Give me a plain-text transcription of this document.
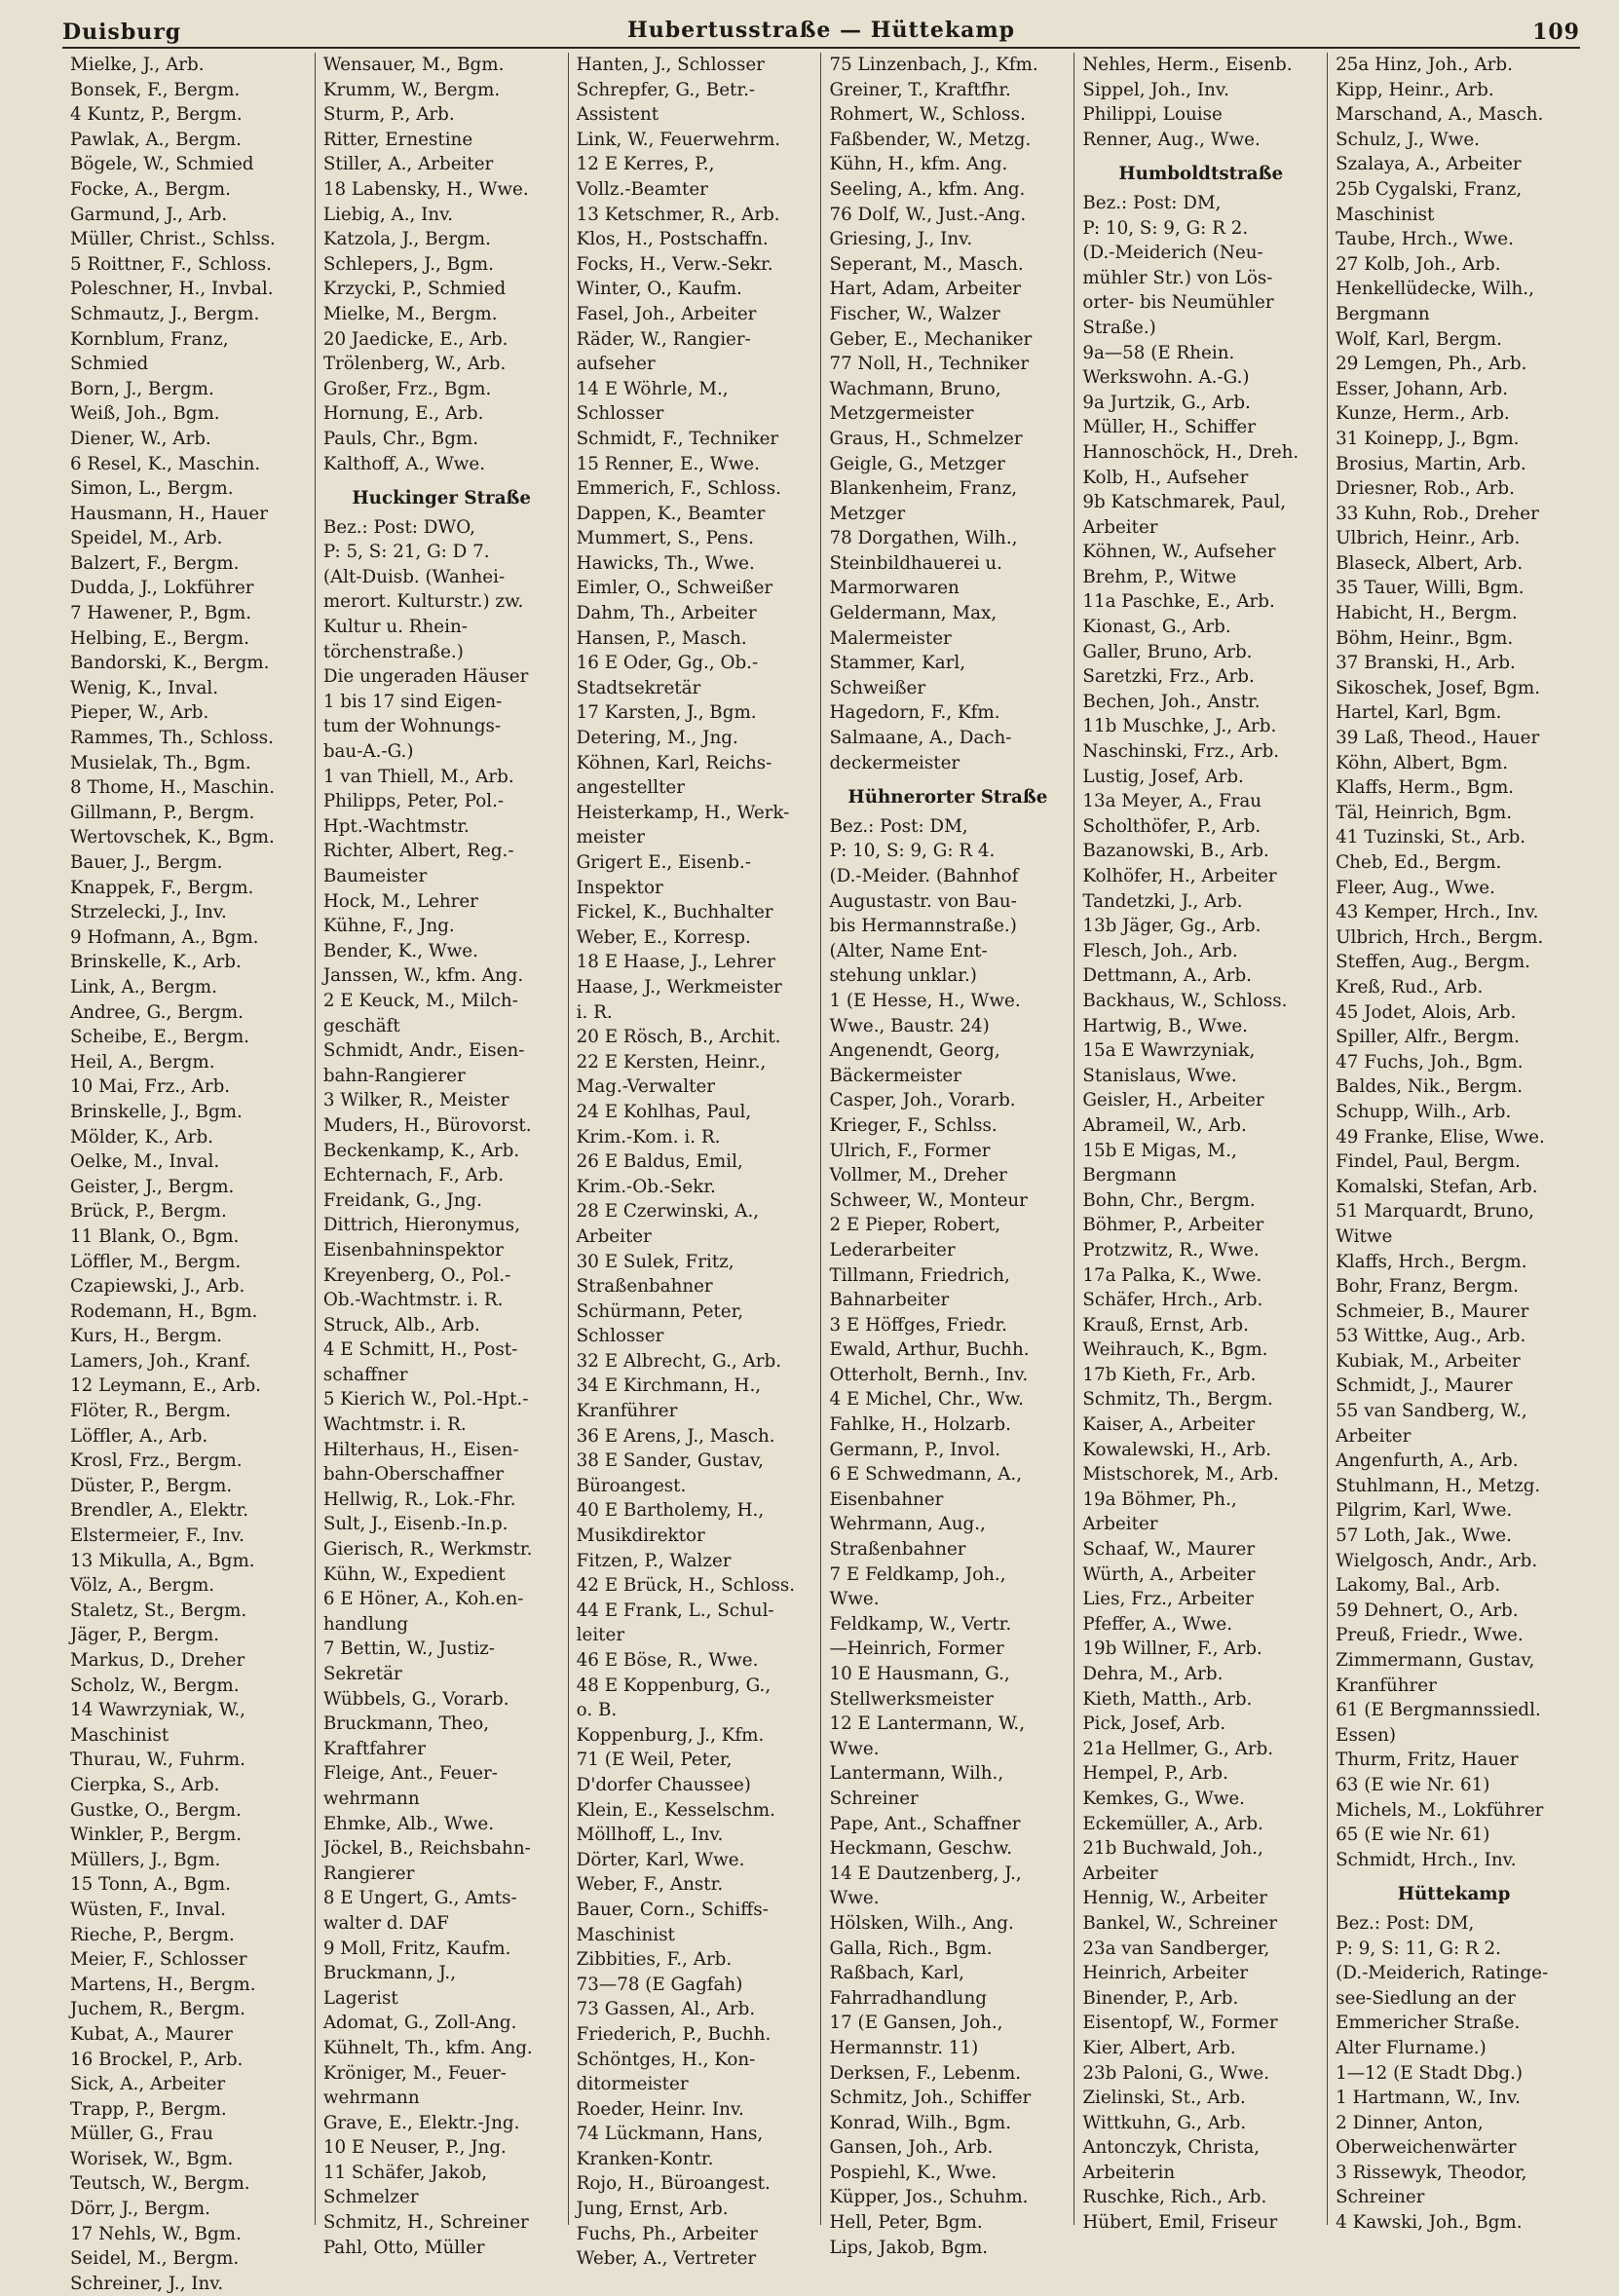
Duisburg	Hubertusstraße — Hüttekamp	109
Mielke, J., Arb.
Bonsek, F., Bergm.
4 Kuntz, P., Bergm.
Pawlak, A., Bergm.
Bögele, W., Schmied
Focke, A., Bergm.
Garmund, J., Arb.
Müller, Christ., Schlss.
5 Roittner, F., Schloss.
Poleschner, H., Invbal.
Schmautz, J., Bergm.
Kornblum, Franz,
Schmied
Born, J., Bergm.
Weiß, Joh., Bgm.
Diener, W., Arb.
6 Resel, K., Maschin.
Simon, L., Bergm.
Hausmann, H., Hauer
Speidel, M., Arb.
Balzert, F., Bergm.
Dudda, J., Lokführer
7 Hawener, P., Bgm.
Helbing, E., Bergm.
Bandorski, K., Bergm.
Wenig, K., Inval.
Pieper, W., Arb.
Rammes, Th., Schloss.
Musielak, Th., Bgm.
8 Thome, H., Maschin.
Gillmann, P., Bergm.
Wertovschek, K., Bgm.
Bauer, J., Bergm.
Knappek, F., Bergm.
Strzelecki, J., Inv.
9 Hofmann, A., Bgm.
Brinskelle, K., Arb.
Link, A., Bergm.
Andree, G., Bergm.
Scheibe, E., Bergm.
Heil, A., Bergm.
10 Mai, Frz., Arb.
Brinskelle, J., Bgm.
Mölder, K., Arb.
Oelke, M., Inval.
Geister, J., Bergm.
Brück, P., Bergm.
11 Blank, O., Bgm.
Löffler, M., Bergm.
Czapiewski, J., Arb.
Rodemann, H., Bgm.
Kurs, H., Bergm.
Lamers, Joh., Kranf.
12 Leymann, E., Arb.
Flöter, R., Bergm.
Löffler, A., Arb.
Krosl, Frz., Bergm.
Düster, P., Bergm.
Brendler, A., Elektr.
Elstermeier, F., Inv.
13 Mikulla, A., Bgm.
Völz, A., Bergm.
Staletz, St., Bergm.
Jäger, P., Bergm.
Markus, D., Dreher
Scholz, W., Bergm.
14 Wawrzyniak, W.,
Maschinist
Thurau, W., Fuhrm.
Cierpka, S., Arb.
Gustke, O., Bergm.
Winkler, P., Bergm.
Müllers, J., Bgm.
15 Tonn, A., Bgm.
Wüsten, F., Inval.
Rieche, P., Bergm.
Meier, F., Schlosser
Martens, H., Bergm.
Juchem, R., Bergm.
Kubat, A., Maurer
16 Brockel, P., Arb.
Sick, A., Arbeiter
Trapp, P., Bergm.
Müller, G., Frau
Worisek, W., Bgm.
Teutsch, W., Bergm.
Dörr, J., Bergm.
17 Nehls, W., Bgm.
Seidel, M., Bergm.
Schreiner, J., Inv.
Wensauer, M., Bgm.
Krumm, W., Bergm.
Sturm, P., Arb.
Ritter, Ernestine
Stiller, A., Arbeiter
18 Labensky, H., Wwe.
Liebig, A., Inv.
Katzola, J., Bergm.
Schlepers, J., Bgm.
Krzycki, P., Schmied
Mielke, M., Bergm.
20 Jaedicke, E., Arb.
Trölenberg, W., Arb.
Großer, Frz., Bgm.
Hornung, E., Arb.
Pauls, Chr., Bgm.
Kalthoff, A., Wwe.
Huckinger Straße
Bez.: Post: DWO,
P: 5, S: 21, G: D 7.
(Alt-Duisb. (Wanhei-
merort. Kulturstr.) zw.
Kultur u. Rhein-
törchenstraße.)
Die ungeraden Häuser
1 bis 17 sind Eigen-
tum der Wohnungs-
bau-A.-G.)
1 van Thiell, M., Arb.
Philipps, Peter, Pol.-
Hpt.-Wachtmstr.
Richter, Albert, Reg.-
Baumeister
Hock, M., Lehrer
Kühne, F., Jng.
Bender, K., Wwe.
Janssen, W., kfm. Ang.
2 E Keuck, M., Milch-
geschäft
Schmidt, Andr., Eisen-
bahn-Rangierer
3 Wilker, R., Meister
Muders, H., Bürovorst.
Beckenkamp, K., Arb.
Echternach, F., Arb.
Freidank, G., Jng.
Dittrich, Hieronymus,
Eisenbahninspektor
Kreyenberg, O., Pol.-
Ob.-Wachtmstr. i. R.
Struck, Alb., Arb.
4 E Schmitt, H., Post-
schaffner
5 Kierich W., Pol.-Hpt.-
Wachtmstr. i. R.
Hilterhaus, H., Eisen-
bahn-Oberschaffner
Hellwig, R., Lok.-Fhr.
Sult, J., Eisenb.-In.p.
Gierisch, R., Werkmstr.
Kühn, W., Expedient
6 E Höner, A., Koh.en-
handlung
7 Bettin, W., Justiz-
Sekretär
Wübbels, G., Vorarb.
Bruckmann, Theo,
Kraftfahrer
Fleige, Ant., Feuer-
wehrmann
Ehmke, Alb., Wwe.
Jöckel, B., Reichsbahn-
Rangierer
8 E Ungert, G., Amts-
walter d. DAF
9 Moll, Fritz, Kaufm.
Bruckmann, J.,
Lagerist
Adomat, G., Zoll-Ang.
Kühnelt, Th., kfm. Ang.
Kröniger, M., Feuer-
wehrmann
Grave, E., Elektr.-Jng.
10 E Neuser, P., Jng.
11 Schäfer, Jakob,
Schmelzer
Schmitz, H., Schreiner
Pahl, Otto, Müller
Hanten, J., Schlosser
Schrepfer, G., Betr.-
Assistent
Link, W., Feuerwehrm.
12 E Kerres, P.,
Vollz.-Beamter
13 Ketschmer, R., Arb.
Klos, H., Postschaffn.
Focks, H., Verw.-Sekr.
Winter, O., Kaufm.
Fasel, Joh., Arbeiter
Räder, W., Rangier-
aufseher
14 E Wöhrle, M.,
Schlosser
Schmidt, F., Techniker
15 Renner, E., Wwe.
Emmerich, F., Schloss.
Dappen, K., Beamter
Mummert, S., Pens.
Hawicks, Th., Wwe.
Eimler, O., Schweißer
Dahm, Th., Arbeiter
Hansen, P., Masch.
16 E Oder, Gg., Ob.-
Stadtsekretär
17 Karsten, J., Bgm.
Detering, M., Jng.
Köhnen, Karl, Reichs-
angestellter
Heisterkamp, H., Werk-
meister
Grigert E., Eisenb.-
Inspektor
Fickel, K., Buchhalter
Weber, E., Korresp.
18 E Haase, J., Lehrer
Haase, J., Werkmeister
i. R.
20 E Rösch, B., Archit.
22 E Kersten, Heinr.,
Mag.-Verwalter
24 E Kohlhas, Paul,
Krim.-Kom. i. R.
26 E Baldus, Emil,
Krim.-Ob.-Sekr.
28 E Czerwinski, A.,
Arbeiter
30 E Sulek, Fritz,
Straßenbahner
Schürmann, Peter,
Schlosser
32 E Albrecht, G., Arb.
34 E Kirchmann, H.,
Kranführer
36 E Arens, J., Masch.
38 E Sander, Gustav,
Büroangest.
40 E Bartholemy, H.,
Musikdirektor
Fitzen, P., Walzer
42 E Brück, H., Schloss.
44 E Frank, L., Schul-
leiter
46 E Böse, R., Wwe.
48 E Koppenburg, G.,
o. B.
Koppenburg, J., Kfm.
71 (E Weil, Peter,
D'dorfer Chaussee)
Klein, E., Kesselschm.
Möllhoff, L., Inv.
Dörter, Karl, Wwe.
Weber, F., Anstr.
Bauer, Corn., Schiffs-
Maschinist
Zibbities, F., Arb.
73—78 (E Gagfah)
73 Gassen, Al., Arb.
Friederich, P., Buchh.
Schöntges, H., Kon-
ditormeister
Roeder, Heinr. Inv.
74 Lückmann, Hans,
Kranken-Kontr.
Rojo, H., Büroangest.
Jung, Ernst, Arb.
Fuchs, Ph., Arbeiter
Weber, A., Vertreter
75 Linzenbach, J., Kfm.
Greiner, T., Kraftfhr.
Rohmert, W., Schloss.
Faßbender, W., Metzg.
Kühn, H., kfm. Ang.
Seeling, A., kfm. Ang.
76 Dolf, W., Just.-Ang.
Griesing, J., Inv.
Seperant, M., Masch.
Hart, Adam, Arbeiter
Fischer, W., Walzer
Geber, E., Mechaniker
77 Noll, H., Techniker
Wachmann, Bruno,
Metzgermeister
Graus, H., Schmelzer
Geigle, G., Metzger
Blankenheim, Franz,
Metzger
78 Dorgathen, Wilh.,
Steinbildhauerei u.
Marmorwaren
Geldermann, Max,
Malermeister
Stammer, Karl,
Schweißer
Hagedorn, F., Kfm.
Salmaane, A., Dach-
deckermeister
Hühnerorter Straße
Bez.: Post: DM,
P: 10, S: 9, G: R 4.
(D.-Meider. (Bahnhof
Augustastr. von Bau-
bis Hermannstraße.)
(Alter, Name Ent-
stehung unklar.)
1 (E Hesse, H., Wwe.
Wwe., Baustr. 24)
Angenendt, Georg,
Bäckermeister
Casper, Joh., Vorarb.
Krieger, F., Schlss.
Ulrich, F., Former
Vollmer, M., Dreher
Schweer, W., Monteur
2 E Pieper, Robert,
Lederarbeiter
Tillmann, Friedrich,
Bahnarbeiter
3 E Höffges, Friedr.
Ewald, Arthur, Buchh.
Otterholt, Bernh., Inv.
4 E Michel, Chr., Ww.
Fahlke, H., Holzarb.
Germann, P., Invol.
6 E Schwedmann, A.,
Eisenbahner
Wehrmann, Aug.,
Straßenbahner
7 E Feldkamp, Joh.,
Wwe.
Feldkamp, W., Vertr.
—Heinrich, Former
10 E Hausmann, G.,
Stellwerksmeister
12 E Lantermann, W.,
Wwe.
Lantermann, Wilh.,
Schreiner
Pape, Ant., Schaffner
Heckmann, Geschw.
14 E Dautzenberg, J.,
Wwe.
Hölsken, Wilh., Ang.
Galla, Rich., Bgm.
Raßbach, Karl,
Fahrradhandlung
17 (E Gansen, Joh.,
Hermannstr. 11)
Derksen, F., Lebenm.
Schmitz, Joh., Schiffer
Konrad, Wilh., Bgm.
Gansen, Joh., Arb.
Pospiehl, K., Wwe.
Küpper, Jos., Schuhm.
Hell, Peter, Bgm.
Lips, Jakob, Bgm.
Nehles, Herm., Eisenb.
Sippel, Joh., Inv.
Philippi, Louise
Renner, Aug., Wwe.
Humboldtstraße
Bez.: Post: DM,
P: 10, S: 9, G: R 2.
(D.-Meiderich (Neu-
mühler Str.) von Lös-
orter- bis Neumühler
Straße.)
9a—58 (E Rhein.
Werkswohn. A.-G.)
9a Jurtzik, G., Arb.
Müller, H., Schiffer
Hannoschöck, H., Dreh.
Kolb, H., Aufseher
9b Katschmarek, Paul,
Arbeiter
Köhnen, W., Aufseher
Brehm, P., Witwe
11a Paschke, E., Arb.
Kionast, G., Arb.
Galler, Bruno, Arb.
Saretzki, Frz., Arb.
Bechen, Joh., Anstr.
11b Muschke, J., Arb.
Naschinski, Frz., Arb.
Lustig, Josef, Arb.
13a Meyer, A., Frau
Scholthöfer, P., Arb.
Bazanowski, B., Arb.
Kolhöfer, H., Arbeiter
Tandetzki, J., Arb.
13b Jäger, Gg., Arb.
Flesch, Joh., Arb.
Dettmann, A., Arb.
Backhaus, W., Schloss.
Hartwig, B., Wwe.
15a E Wawrzyniak,
Stanislaus, Wwe.
Geisler, H., Arbeiter
Abrameil, W., Arb.
15b E Migas, M.,
Bergmann
Bohn, Chr., Bergm.
Böhmer, P., Arbeiter
Protzwitz, R., Wwe.
17a Palka, K., Wwe.
Schäfer, Hrch., Arb.
Krauß, Ernst, Arb.
Weihrauch, K., Bgm.
17b Kieth, Fr., Arb.
Schmitz, Th., Bergm.
Kaiser, A., Arbeiter
Kowalewski, H., Arb.
Mistschorek, M., Arb.
19a Böhmer, Ph.,
Arbeiter
Schaaf, W., Maurer
Würth, A., Arbeiter
Lies, Frz., Arbeiter
Pfeffer, A., Wwe.
19b Willner, F., Arb.
Dehra, M., Arb.
Kieth, Matth., Arb.
Pick, Josef, Arb.
21a Hellmer, G., Arb.
Hempel, P., Arb.
Kemkes, G., Wwe.
Eckemüller, A., Arb.
21b Buchwald, Joh.,
Arbeiter
Hennig, W., Arbeiter
Bankel, W., Schreiner
23a van Sandberger,
Heinrich, Arbeiter
Binender, P., Arb.
Eisentopf, W., Former
Kier, Albert, Arb.
23b Paloni, G., Wwe.
Zielinski, St., Arb.
Wittkuhn, G., Arb.
Antonczyk, Christa,
Arbeiterin
Ruschke, Rich., Arb.
Hübert, Emil, Friseur
25a Hinz, Joh., Arb.
Kipp, Heinr., Arb.
Marschand, A., Masch.
Schulz, J., Wwe.
Szalaya, A., Arbeiter
25b Cygalski, Franz,
Maschinist
Taube, Hrch., Wwe.
27 Kolb, Joh., Arb.
Henkellüdecke, Wilh.,
Bergmann
Wolf, Karl, Bergm.
29 Lemgen, Ph., Arb.
Esser, Johann, Arb.
Kunze, Herm., Arb.
31 Koinepp, J., Bgm.
Brosius, Martin, Arb.
Driesner, Rob., Arb.
33 Kuhn, Rob., Dreher
Ulbrich, Heinr., Arb.
Blaseck, Albert, Arb.
35 Tauer, Willi, Bgm.
Habicht, H., Bergm.
Böhm, Heinr., Bgm.
37 Branski, H., Arb.
Sikoschek, Josef, Bgm.
Hartel, Karl, Bgm.
39 Laß, Theod., Hauer
Köhn, Albert, Bgm.
Klaffs, Herm., Bgm.
Täl, Heinrich, Bgm.
41 Tuzinski, St., Arb.
Cheb, Ed., Bergm.
Fleer, Aug., Wwe.
43 Kemper, Hrch., Inv.
Ulbrich, Hrch., Bergm.
Steffen, Aug., Bergm.
Kreß, Rud., Arb.
45 Jodet, Alois, Arb.
Spiller, Alfr., Bergm.
47 Fuchs, Joh., Bgm.
Baldes, Nik., Bergm.
Schupp, Wilh., Arb.
49 Franke, Elise, Wwe.
Findel, Paul, Bergm.
Komalski, Stefan, Arb.
51 Marquardt, Bruno,
Witwe
Klaffs, Hrch., Bergm.
Bohr, Franz, Bergm.
Schmeier, B., Maurer
53 Wittke, Aug., Arb.
Kubiak, M., Arbeiter
Schmidt, J., Maurer
55 van Sandberg, W.,
Arbeiter
Angenfurth, A., Arb.
Stuhlmann, H., Metzg.
Pilgrim, Karl, Wwe.
57 Loth, Jak., Wwe.
Wielgosch, Andr., Arb.
Lakomy, Bal., Arb.
59 Dehnert, O., Arb.
Preuß, Friedr., Wwe.
Zimmermann, Gustav,
Kranführer
61 (E Bergmannssiedl.
Essen)
Thurm, Fritz, Hauer
63 (E wie Nr. 61)
Michels, M., Lokführer
65 (E wie Nr. 61)
Schmidt, Hrch., Inv.
Hüttekamp
Bez.: Post: DM,
P: 9, S: 11, G: R 2.
(D.-Meiderich, Ratinge-
see-Siedlung an der
Emmericher Straße.
Alter Flurname.)
1—12 (E Stadt Dbg.)
1 Hartmann, W., Inv.
2 Dinner, Anton,
Oberweichenwärter
3 Rissewyk, Theodor,
Schreiner
4 Kawski, Joh., Bgm.
